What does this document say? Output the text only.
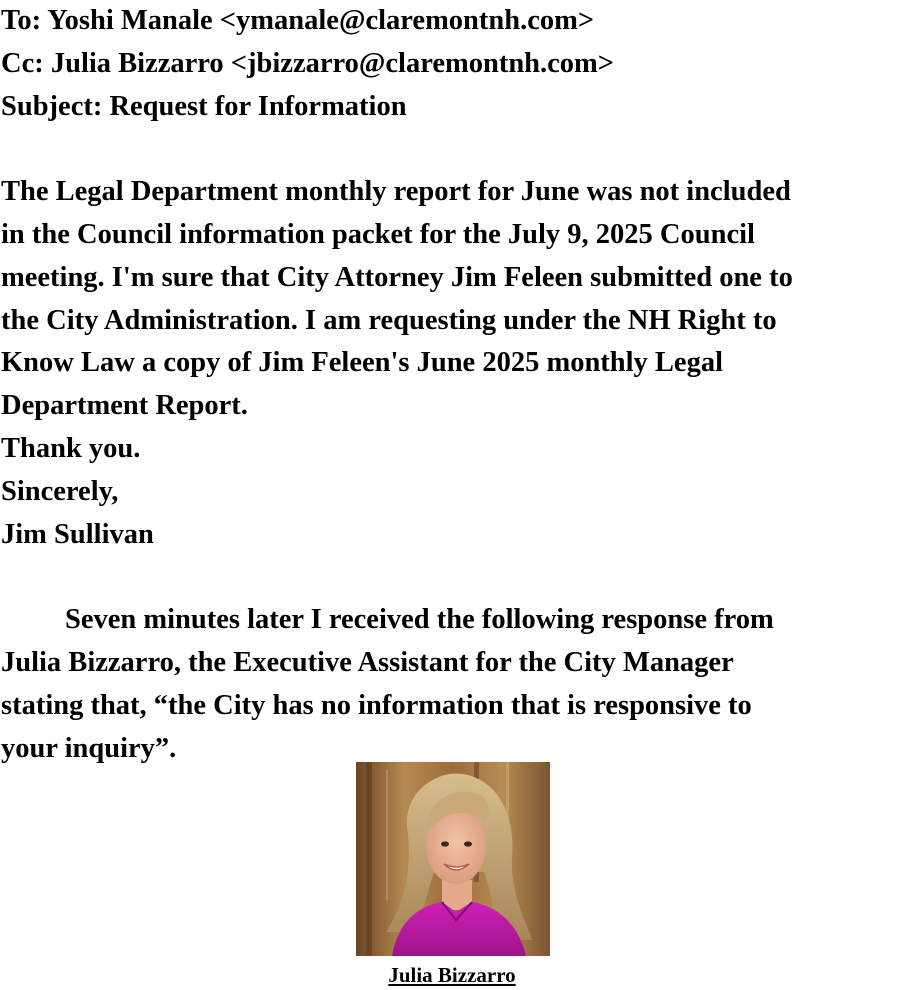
To: Yoshi Manale <ymanale@claremontnh.com>

Cc: Julia Bizzarro <jbizzarro@claremontnh.com>

Subject: Request for Information

The Legal Department monthly report for June was not included

in the Council information packet for the July 9, 2025 Council

meeting. I'm sure that City Attorney Jim Feleen submitted one to

the City Administration. I am requesting under the NH Right to

Know Law a copy of Jim Feleen's June 2025 monthly Legal

Department Report.

Thank you.

Sincerely,

Jim Sullivan

Seven minutes later I received the following response from

Julia Bizzarro, the Executive Assistant for the City Manager

stating that, “the City has no information that is responsive to

your inquiry”.

Julia Bizzarro
